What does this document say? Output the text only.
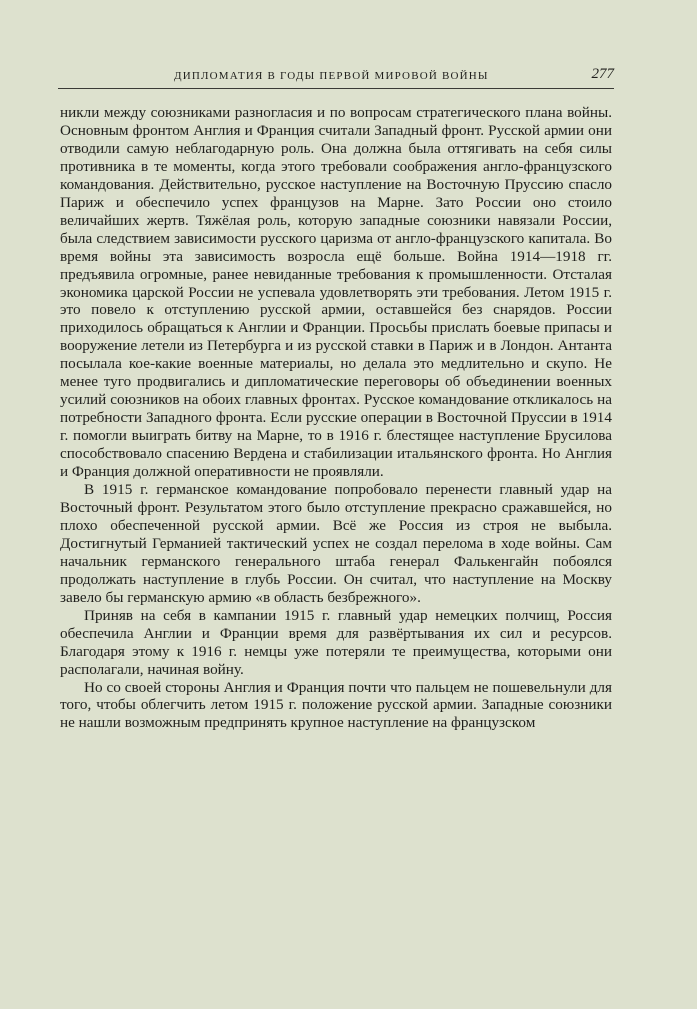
ДИПЛОМАТИЯ В ГОДЫ ПЕРВОЙ МИРОВОЙ ВОЙНЫ	277

никли между союзниками разногласия и по вопросам стратегического плана войны. Основным фронтом Англия и Франция считали Западный фронт. Русской армии они отводили самую неблагодарную роль. Она должна была оттягивать на себя силы противника в те моменты, когда этого требовали соображения англо-французского командования. Действительно, русское наступление на Восточную Пруссию спасло Париж и обеспечило успех французов на Марне. Зато России оно стоило величайших жертв. Тяжёлая роль, которую западные союзники навязали России, была следствием зависимости русского царизма от англо-французского капитала. Во время войны эта зависимость возросла ещё больше. Война 1914—1918 гг. предъявила огромные, ранее невиданные требования к промышленности. Отсталая экономика царской России не успевала удовлетворять эти требования. Летом 1915 г. это повело к отступлению русской армии, оставшейся без снарядов. России приходилось обращаться к Англии и Франции. Просьбы прислать боевые припасы и вооружение летели из Петербурга и из русской ставки в Париж и в Лондон. Антанта посылала кое-какие военные материалы, но делала это медлительно и скупо. Не менее туго продвигались и дипломатические переговоры об объединении военных усилий союзников на обоих главных фронтах. Русское командование откликалось на потребности Западного фронта. Если русские операции в Восточной Пруссии в 1914 г. помогли выиграть битву на Марне, то в 1916 г. блестящее наступление Брусилова способствовало спасению Вердена и стабилизации итальянского фронта. Но Англия и Франция должной оперативности не проявляли.

В 1915 г. германское командование попробовало перенести главный удар на Восточный фронт. Результатом этого было отступление прекрасно сражавшейся, но плохо обеспеченной русской армии. Всё же Россия из строя не выбыла. Достигнутый Германией тактический успех не создал перелома в ходе войны. Сам начальник германского генерального штаба генерал Фалькенгайн побоялся продолжать наступление в глубь России. Он считал, что наступление на Москву завело бы германскую армию «в область безбрежного».

Приняв на себя в кампании 1915 г. главный удар немецких полчищ, Россия обеспечила Англии и Франции время для развёртывания их сил и ресурсов. Благодаря этому к 1916 г. немцы уже потеряли те преимущества, которыми они располагали, начиная войну.

Но со своей стороны Англия и Франция почти что пальцем не пошевельнули для того, чтобы облегчить летом 1915 г. положение русской армии. Западные союзники не нашли возможным предпринять крупное наступление на французском
